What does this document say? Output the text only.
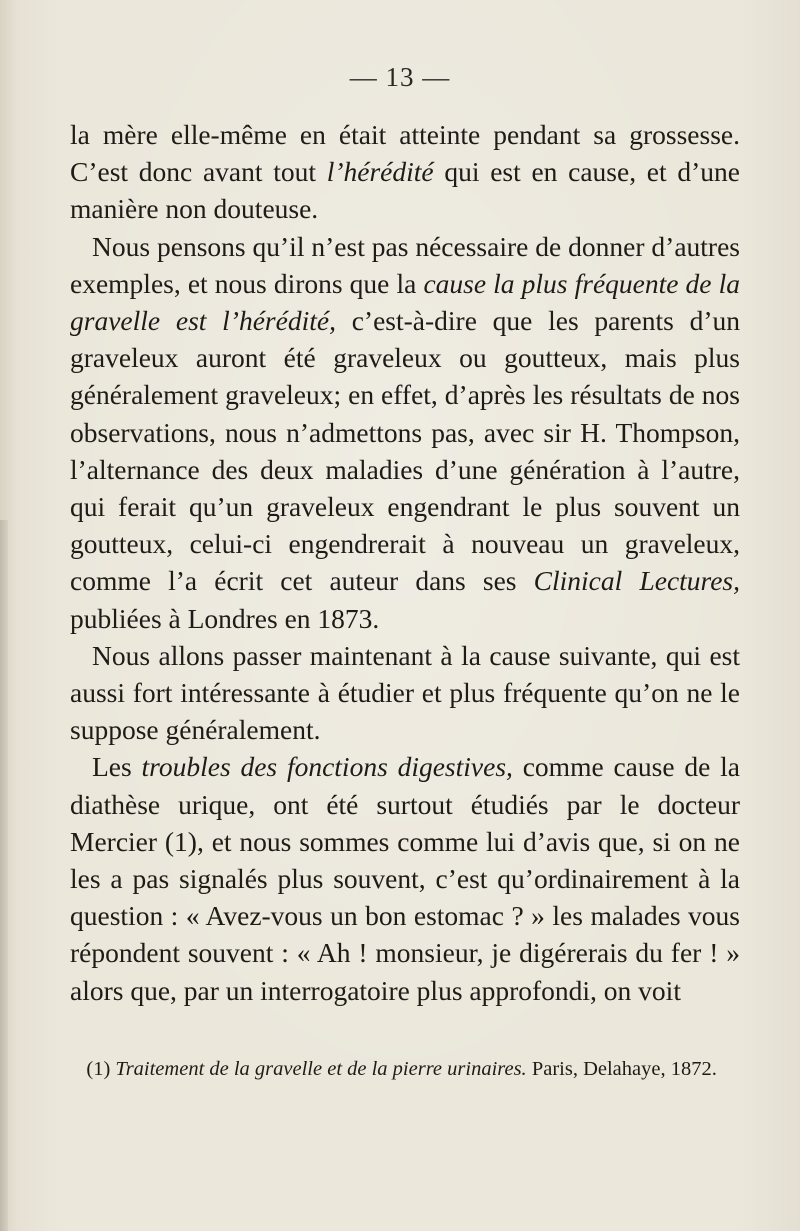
— 13 —

la mère elle-même en était atteinte pendant sa grossesse. C’est donc avant tout l’hérédité qui est en cause, et d’une manière non douteuse.

Nous pensons qu’il n’est pas nécessaire de donner d’autres exemples, et nous dirons que la cause la plus fréquente de la gravelle est l’hérédité, c’est-à-dire que les parents d’un graveleux auront été graveleux ou goutteux, mais plus généralement graveleux; en effet, d’après les résultats de nos observations, nous n’admettons pas, avec sir H. Thompson, l’alternance des deux maladies d’une génération à l’autre, qui ferait qu’un graveleux engendrant le plus souvent un goutteux, celui-ci engendrerait à nouveau un graveleux, comme l’a écrit cet auteur dans ses Clinical Lectures, publiées à Londres en 1873.

Nous allons passer maintenant à la cause suivante, qui est aussi fort intéressante à étudier et plus fréquente qu’on ne le suppose généralement.

Les troubles des fonctions digestives, comme cause de la diathèse urique, ont été surtout étudiés par le docteur Mercier (1), et nous sommes comme lui d’avis que, si on ne les a pas signalés plus souvent, c’est qu’ordinairement à la question : « Avez-vous un bon estomac ? » les malades vous répondent souvent : « Ah ! monsieur, je digérerais du fer ! » alors que, par un interrogatoire plus approfondi, on voit

(1) Traitement de la gravelle et de la pierre urinaires. Paris, Delahaye, 1872.
